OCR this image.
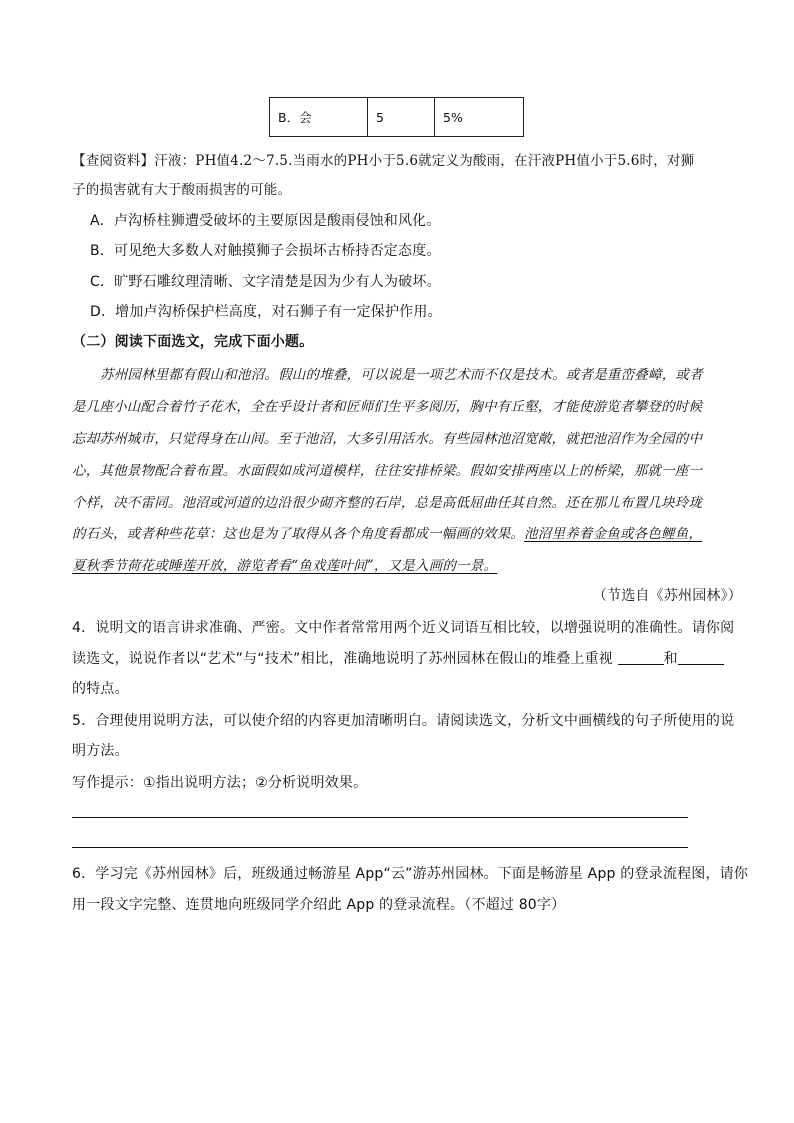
B．会	5	5%
【查阅资料】汗液：PH值4.2～7.5.当雨水的PH小于5.6就定义为酸雨，在汗液PH值小于5.6时，对狮
子的损害就有大于酸雨损害的可能。
A．卢沟桥柱狮遭受破坏的主要原因是酸雨侵蚀和风化。
B．可见绝大多数人对触摸狮子会损坏古桥持否定态度。
C．旷野石雕纹理清晰、文字清楚是因为少有人为破坏。
D．增加卢沟桥保护栏高度，对石狮子有一定保护作用。
（二）阅读下面选文，完成下面小题。
苏州园林里都有假山和池沼。假山的堆叠，可以说是一项艺术而不仅是技术。或者是重峦叠嶂，或者
是几座小山配合着竹子花木，全在乎设计者和匠师们生平多阅历，胸中有丘壑，才能使游览者攀登的时候
忘却苏州城市，只觉得身在山间。至于池沼，大多引用活水。有些园林池沼宽敞，就把池沼作为全园的中
心，其他景物配合着布置。水面假如成河道模样，往往安排桥梁。假如安排两座以上的桥梁，那就一座一
个样，决不雷同。池沼或河道的边沿很少砌齐整的石岸，总是高低屈曲任其自然。还在那儿布置几块玲珑
的石头，或者种些花草：这也是为了取得从各个角度看都成一幅画的效果。池沼里养着金鱼或各色鲤鱼，
夏秋季节荷花或睡莲开放，游览者看“鱼戏莲叶间”，又是入画的一景。
（节选自《苏州园林》）
4．说明文的语言讲求准确、严密。文中作者常常用两个近义词语互相比较，以增强说明的准确性。请你阅
读选文，说说作者以“艺术”与“技术”相比，准确地说明了苏州园林在假山的堆叠上重视	和
的特点。
5．合理使用说明方法，可以使介绍的内容更加清晰明白。请阅读选文，分析文中画横线的句子所使用的说
明方法。
写作提示：①指出说明方法；②分析说明效果。
6．学习完《苏州园林》后，班级通过畅游星 App“云”游苏州园林。下面是畅游星 App 的登录流程图，请你
用一段文字完整、连贯地向班级同学介绍此 App 的登录流程。（不超过 80字）
